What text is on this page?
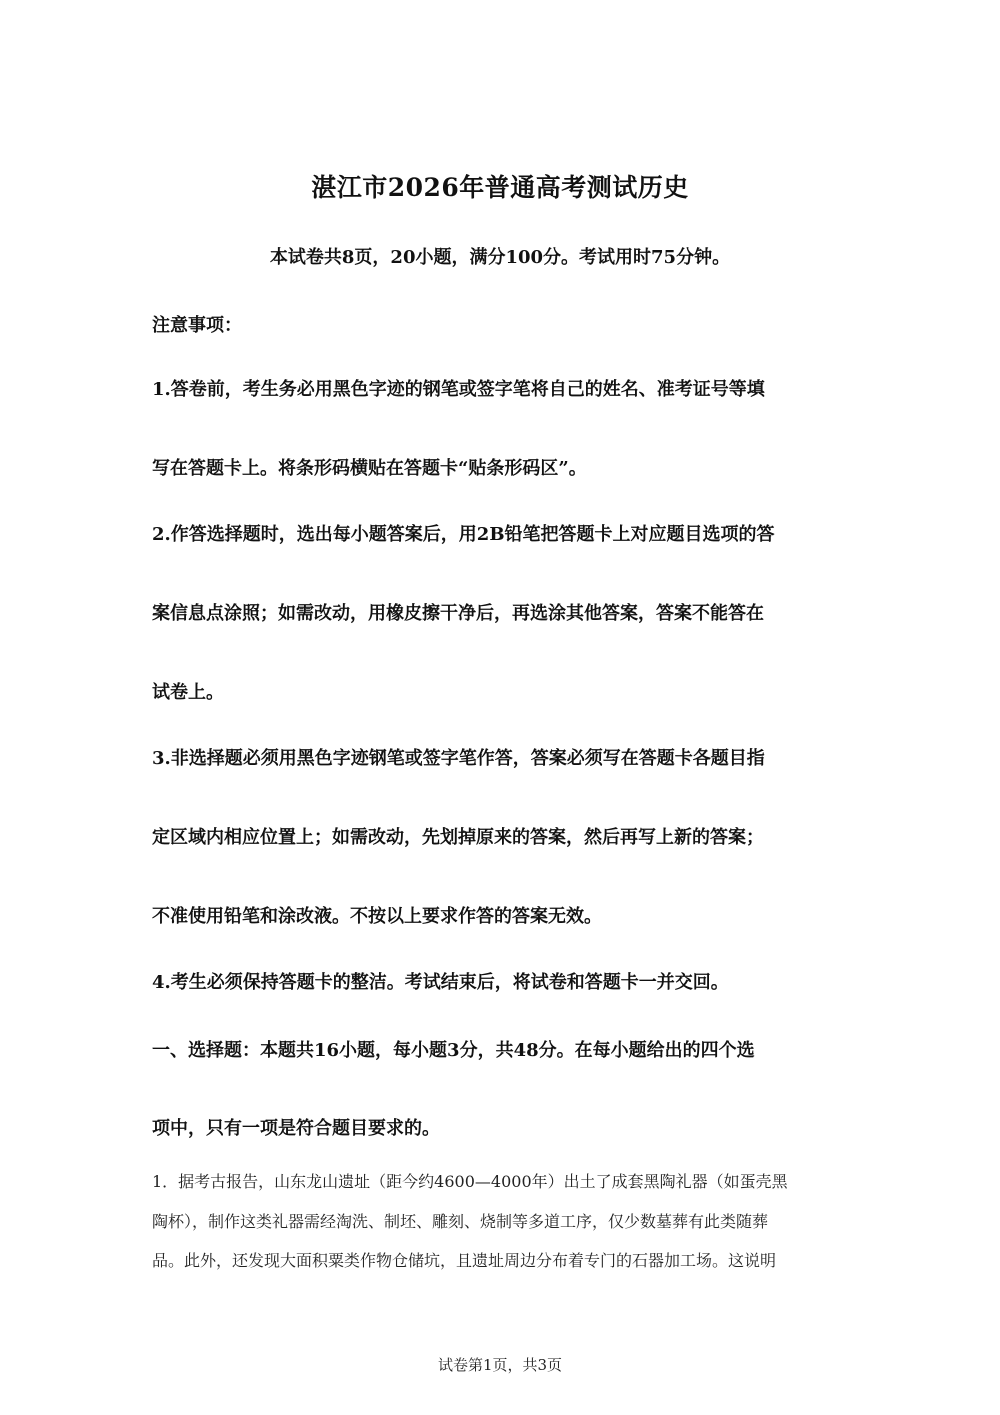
湛江市2026年普通高考测试历史
本试卷共8页，20小题，满分100分。考试用时75分钟。
注意事项：
1.答卷前，考生务必用黑色字迹的钢笔或签字笔将自己的姓名、准考证号等填
写在答题卡上。将条形码横贴在答题卡“贴条形码区”。
2.作答选择题时，选出每小题答案后，用2B铅笔把答题卡上对应题目选项的答
案信息点涂照；如需改动，用橡皮擦干净后，再选涂其他答案，答案不能答在
试卷上。
3.非选择题必须用黑色字迹钢笔或签字笔作答，答案必须写在答题卡各题目指
定区域内相应位置上；如需改动，先划掉原来的答案，然后再写上新的答案；
不准使用铅笔和涂改液。不按以上要求作答的答案无效。
4.考生必须保持答题卡的整洁。考试结束后，将试卷和答题卡一并交回。
一、选择题：本题共16小题，每小题3分，共48分。在每小题给出的四个选
项中，只有一项是符合题目要求的。
1．据考古报告，山东龙山遗址（距今约4600—4000年）出土了成套黑陶礼器（如蛋壳黑
陶杯），制作这类礼器需经淘洗、制坯、雕刻、烧制等多道工序，仅少数墓葬有此类随葬
品。此外，还发现大面积粟类作物仓储坑，且遗址周边分布着专门的石器加工场。这说明
试卷第1页，共3页
